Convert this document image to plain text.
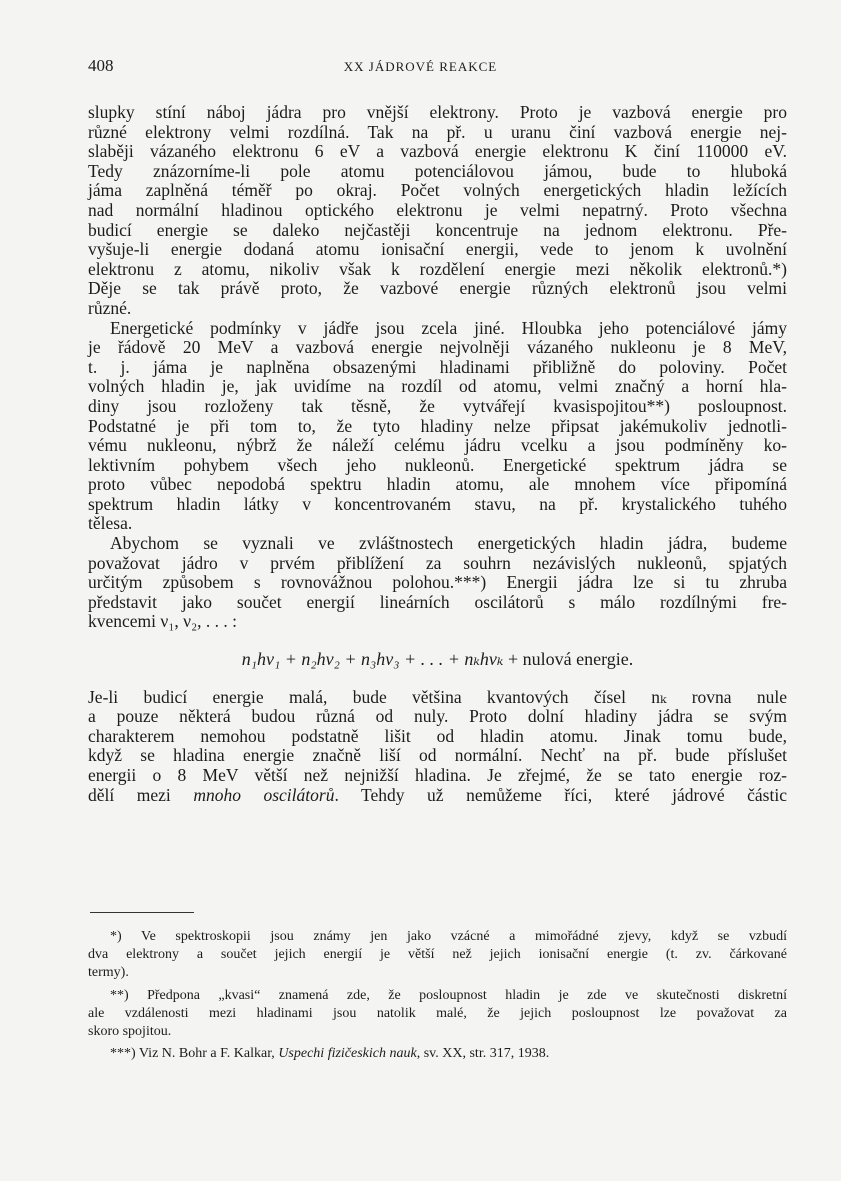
408	XX JÁDROVÉ REAKCE
slupky stíní náboj jádra pro vnější elektrony. Proto je vazbová energie pro
různé elektrony velmi rozdílná. Tak na př. u uranu činí vazbová energie nej-
slaběji vázaného elektronu 6 eV a vazbová energie elektronu K činí 110000 eV.
Tedy znázorníme-li pole atomu potenciálovou jámou, bude to hluboká
jáma zaplněná téměř po okraj. Počet volných energetických hladin ležících
nad normální hladinou optického elektronu je velmi nepatrný. Proto všechna
budicí energie se daleko nejčastěji koncentruje na jednom elektronu. Pře-
vyšuje-li energie dodaná atomu ionisační energii, vede to jenom k uvolnění
elektronu z atomu, nikoliv však k rozdělení energie mezi několik elektronů.*)
Děje se tak právě proto, že vazbové energie různých elektronů jsou velmi
různé.
Energetické podmínky v jádře jsou zcela jiné. Hloubka jeho potenciálové jámy
je řádově 20 MeV a vazbová energie nejvolněji vázaného nukleonu je 8 MeV,
t. j. jáma je naplněna obsazenými hladinami přibližně do poloviny. Počet
volných hladin je, jak uvidíme na rozdíl od atomu, velmi značný a horní hla-
diny jsou rozloženy tak těsně, že vytvářejí kvasispojitou**) posloupnost.
Podstatné je při tom to, že tyto hladiny nelze připsat jakémukoliv jednotli-
vému nukleonu, nýbrž že náleží celému jádru vcelku a jsou podmíněny ko-
lektivním pohybem všech jeho nukleonů. Energetické spektrum jádra se
proto vůbec nepodobá spektru hladin atomu, ale mnohem více připomíná
spektrum hladin látky v koncentrovaném stavu, na př. krystalického tuhého
tělesa.
Abychom se vyznali ve zvláštnostech energetických hladin jádra, budeme
považovat jádro v prvém přiblížení za souhrn nezávislých nukleonů, spjatých
určitým způsobem s rovnovážnou polohou.***) Energii jádra lze si tu zhruba
představit jako součet energií lineárních oscilátorů s málo rozdílnými fre-
kvencemi ν₁, ν₂, . . . :
n₁hν₁ + n₂hν₂ + n₃hν₃ + . . . + nₖhνₖ + nulová energie.
Je-li budicí energie malá, bude většina kvantových čísel nₖ rovna nule
a pouze některá budou různá od nuly. Proto dolní hladiny jádra se svým
charakterem nemohou podstatně lišit od hladin atomu. Jinak tomu bude,
když se hladina energie značně liší od normální. Nechť na př. bude příslušet
energii o 8 MeV větší než nejnižší hladina. Je zřejmé, že se tato energie roz-
dělí mezi mnoho oscilátorů. Tehdy už nemůžeme říci, které jádrové částic
*) Ve spektroskopii jsou známy jen jako vzácné a mimořádné zjevy, když se vzbudí
dva elektrony a součet jejich energií je větší než jejich ionisační energie (t. zv. čárkované
termy).
**) Předpona „kvasi“ znamená zde, že posloupnost hladin je zde ve skutečnosti diskretní
ale vzdálenosti mezi hladinami jsou natolik malé, že jejich posloupnost lze považovat za
skoro spojitou.
***) Viz N. Bohr a F. Kalkar, Uspechi fizičeskich nauk, sv. XX, str. 317, 1938.
